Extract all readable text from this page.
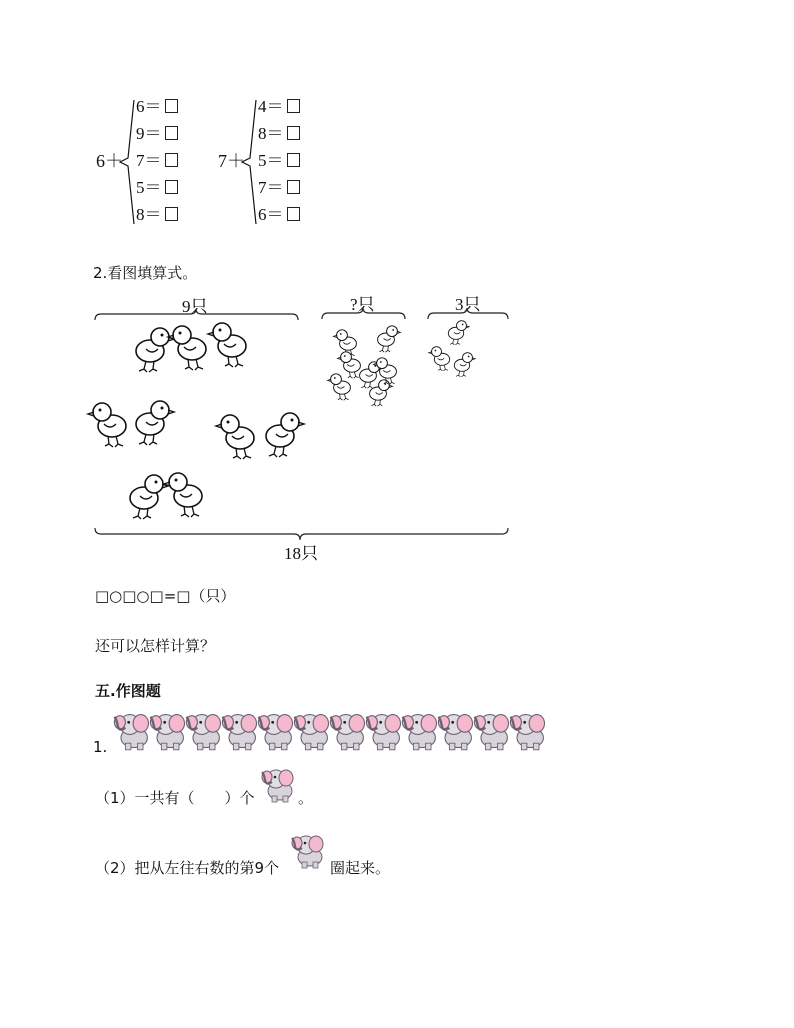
6＋
6＝
9＝
7＝
5＝
8＝
7＋
4＝
8＝
5＝
7＝
6＝
2.看图填算式。
9只	?只	3只
18只
□○□○□=□（只）
还可以怎样计算？
五.作图题
1.
（1）一共有（　　）个	。
（2）把从左往右数的第9个	圈起来。
